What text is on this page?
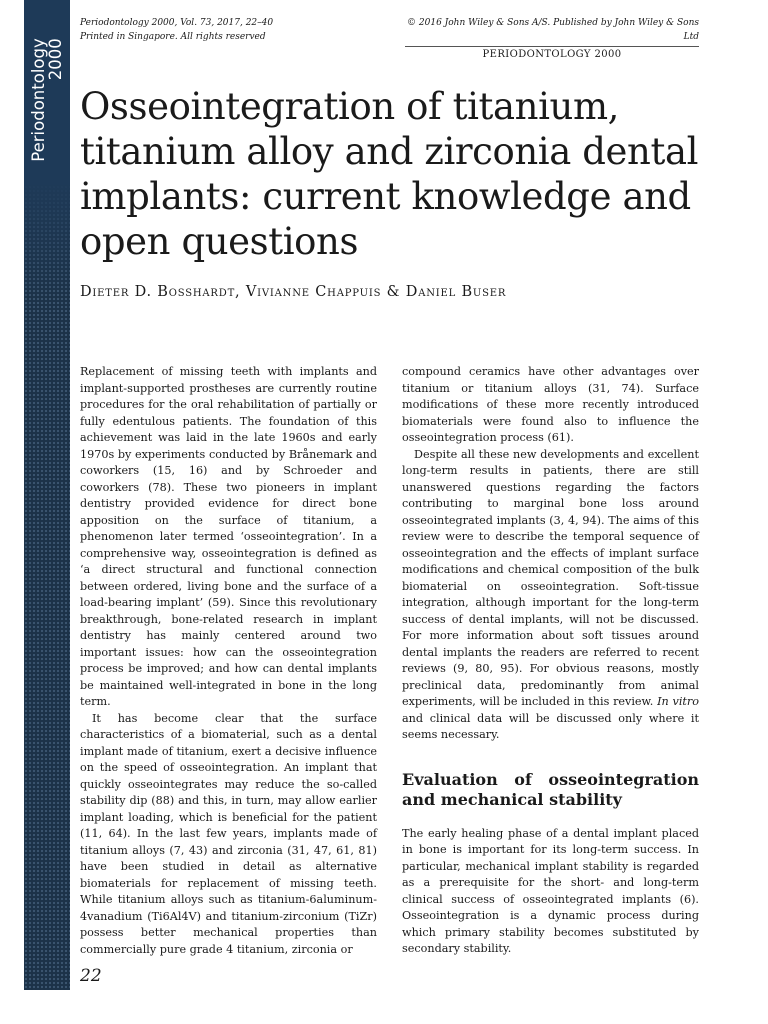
Periodontology
2000
Periodontology 2000, Vol. 73, 2017, 22–40
Printed in Singapore. All rights reserved
© 2016 John Wiley & Sons A/S. Published by John Wiley & Sons Ltd
PERIODONTOLOGY 2000
Osseointegration of titanium, titanium alloy and zirconia dental implants: current knowledge and open questions
Dieter D. Bosshardt, Vivianne Chappuis & Daniel Buser

Replacement of missing teeth with implants and implant-supported prostheses are currently routine procedures for the oral rehabilitation of partially or fully edentulous patients. The foundation of this achievement was laid in the late 1960s and early 1970s by experiments conducted by Brånemark and coworkers (15, 16) and by Schroeder and coworkers (78). These two pioneers in implant dentistry provided evidence for direct bone apposition on the surface of titanium, a phenomenon later termed ‘osseointegration’. In a comprehensive way, osseointegration is defined as ‘a direct structural and functional connection between ordered, living bone and the surface of a load-bearing implant’ (59). Since this revolutionary breakthrough, bone-related research in implant dentistry has mainly centered around two important issues: how can the osseointegration process be improved; and how can dental implants be maintained well-integrated in bone in the long term.

It has become clear that the surface characteristics of a biomaterial, such as a dental implant made of titanium, exert a decisive influence on the speed of osseointegration. An implant that quickly osseointegrates may reduce the so-called stability dip (88) and this, in turn, may allow earlier implant loading, which is beneficial for the patient (11, 64). In the last few years, implants made of titanium alloys (7, 43) and zirconia (31, 47, 61, 81) have been studied in detail as alternative biomaterials for replacement of missing teeth. While titanium alloys such as titanium-6aluminum-4vanadium (Ti6Al4V) and titanium-zirconium (TiZr) possess better mechanical properties than commercially pure grade 4 titanium, zirconia or

compound ceramics have other advantages over titanium or titanium alloys (31, 74). Surface modifications of these more recently introduced biomaterials were found also to influence the osseointegration process (61).

Despite all these new developments and excellent long-term results in patients, there are still unanswered questions regarding the factors contributing to marginal bone loss around osseointegrated implants (3, 4, 94). The aims of this review were to describe the temporal sequence of osseointegration and the effects of implant surface modifications and chemical composition of the bulk biomaterial on osseointegration. Soft-tissue integration, although important for the long-term success of dental implants, will not be discussed. For more information about soft tissues around dental implants the readers are referred to recent reviews (9, 80, 95). For obvious reasons, mostly preclinical data, predominantly from animal experiments, will be included in this review. In vitro and clinical data will be discussed only where it seems necessary.

Evaluation of osseointegration and mechanical stability

The early healing phase of a dental implant placed in bone is important for its long-term success. In particular, mechanical implant stability is regarded as a prerequisite for the short- and long-term clinical success of osseointegrated implants (6). Osseointegration is a dynamic process during which primary stability becomes substituted by secondary stability.

22
